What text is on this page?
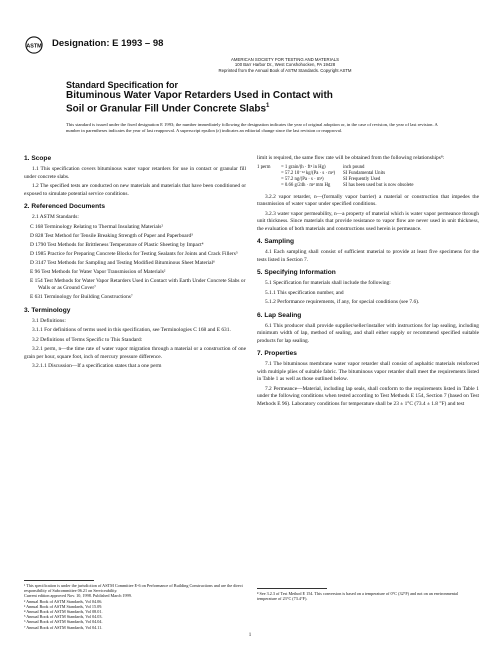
ASTM Designation: E 1993 – 98
AMERICAN SOCIETY FOR TESTING AND MATERIALS
100 Barr Harbor Dr., West Conshohocken, PA 19428
Reprinted from the Annual Book of ASTM Standards. Copyright ASTM
Standard Specification for
Bituminous Water Vapor Retarders Used in Contact with
Soil or Granular Fill Under Concrete Slabs$^1$
This standard is issued under the fixed designation E 1993; the number immediately following the designation indicates the year of original adoption or, in the case of revision, the year of last revision. A number in parentheses indicates the year of last reapproval. A superscript epsilon (ε) indicates an editorial change since the last revision or reapproval.
1. Scope
1.1 This specification covers bituminous water vapor retarders for use in contact or granular fill under concrete slabs.
1.2 The specified tests are conducted on new materials and materials that have been conditioned or exposed to simulate potential service conditions.
2. Referenced Documents
2.1 ASTM Standards:
C 168 Terminology Relating to Thermal Insulating Materials²
D 828 Test Method for Tensile Breaking Strength of Paper and Paperboard³
D 1790 Test Methods for Brittleness Temperature of Plastic Sheeting by Impact⁴
D 1985 Practice for Preparing Concrete Blocks for Testing Sealants for Joints and Crack Fillers⁵
D 3147 Test Methods for Sampling and Testing Modified Bituminous Sheet Material⁶
E 96 Test Methods for Water Vapor Transmission of Materials²
E 154 Test Methods for Water Vapor Retarders Used in Contact with Earth Under Concrete Slabs or Walls or as Ground Cover⁷
E 631 Terminology for Building Constructions⁷
3. Terminology
3.1 Definitions:
3.1.1 For definitions of terms used in this specification, see Terminologies C 168 and E 631.
3.2 Definitions of Terms Specific to This Standard:
3.2.1 perm, n—the time rate of water vapor migration through a material or a construction of one grain per hour, square foot, inch of mercury pressure difference.
3.2.1.1 Discussion—If a specification states that a one perm
¹ This specification is under the jurisdiction of ASTM Committee E-6 on Performance of Building Constructions and are the direct responsibility of Subcommittee 06.21 on Serviceability.
Current edition approved Nov. 10, 1998. Published March 1999.
² Annual Book of ASTM Standards, Vol 04.06.
³ Annual Book of ASTM Standards, Vol 15.09.
⁴ Annual Book of ASTM Standards, Vol 08.01.
⁵ Annual Book of ASTM Standards, Vol 04.03.
⁶ Annual Book of ASTM Standards, Vol 04.04.
⁷ Annual Book of ASTM Standards, Vol 04.11.
limit is required, the same flow rate will be obtained from the following relationships⁸:
1 perm	= 1 grain/(h · ft² in Hg)	inch pound
= 57.2 10⁻¹² kg/(Pa · s · m²)	SI Fundamental Units
= 57.2 ng/(Pa · s · m²)	SI Frequently Used
= 0.66 g/24h · m² mm Hg	SI has been used but is now obsolete
3.2.2 vapor retarder, n—(formally vapor barrier) a material or construction that impedes the transmission of water vapor under specified conditions.
3.2.3 water vapor permeability, n—a property of material which is water vapor permeance through unit thickness. Since materials that provide resistance to vapor flow are never used in unit thickness, the evaluation of both materials and constructions used herein is permeance.
4. Sampling
4.1 Each sampling shall consist of sufficient material to provide at least five specimens for the tests listed in Section 7.
5. Specifying Information
5.1 Specification for materials shall include the following:
5.1.1 This specification number, and
5.1.2 Performance requirements, if any, for special conditions (see 7.6).
6. Lap Sealing
6.1 This producer shall provide supplier/seller/installer with instructions for lap sealing, including minimum width of lap, method of sealing, and shall either supply or recommend specified suitable products for lap sealing.
7. Properties
7.1 The bituminous membrane water vapor retarder shall consist of asphaltic materials reinforced with multiple plies of suitable fabric. The bituminous vapor retarder shall meet the requirements listed in Table 1 as well as those outlined below.
7.2 Permeance—Material, including lap seals, shall conform to the requirements listed in Table 1 under the following conditions when tested according to Test Methods E 154, Section 7 (based on Test Methods E 96). Laboratory conditions for temperature shall be 23 ± 1°C (73.4 ± 1.8 °F) and test
⁸ See 3.2.3 of Test Method E 154. This conversion is based on a temperature of 0°C (32°F) and not on an environmental temperature of 23°C (73.4°F).
1
